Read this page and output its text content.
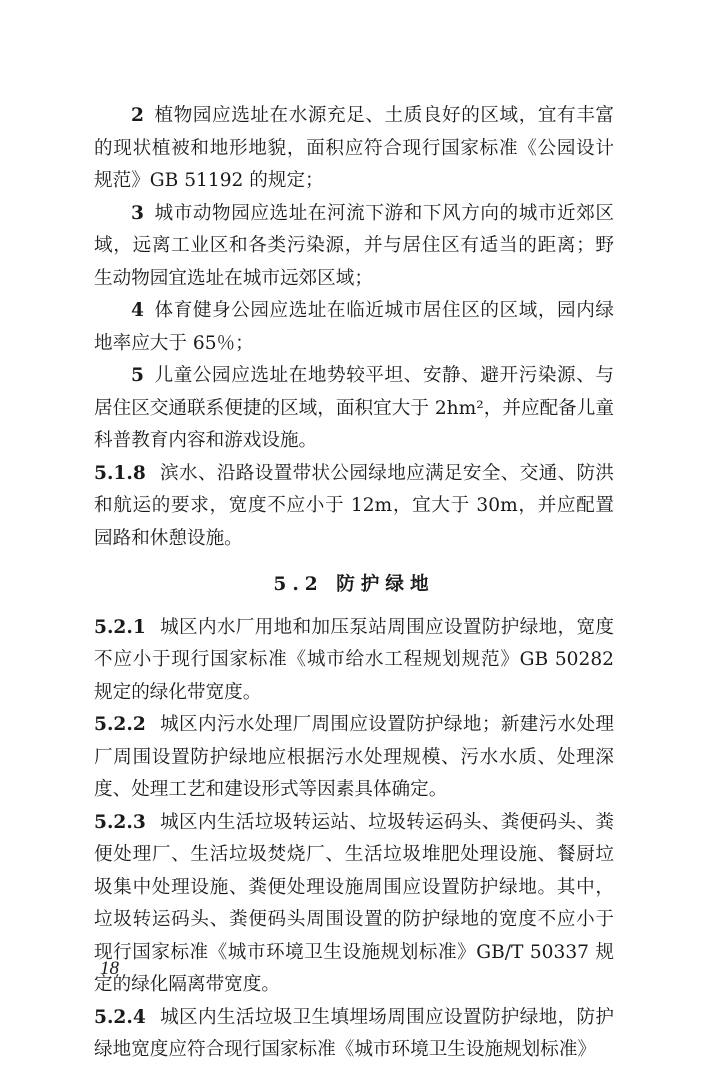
2 植物园应选址在水源充足、土质良好的区域，宜有丰富的现状植被和地形地貌，面积应符合现行国家标准《公园设计规范》GB 51192 的规定；

3 城市动物园应选址在河流下游和下风方向的城市近郊区域，远离工业区和各类污染源，并与居住区有适当的距离；野生动物园宜选址在城市远郊区域；

4 体育健身公园应选址在临近城市居住区的区域，园内绿地率应大于 65％；

5 儿童公园应选址在地势较平坦、安静、避开污染源、与居住区交通联系便捷的区域，面积宜大于 2hm²，并应配备儿童科普教育内容和游戏设施。

5.1.8 滨水、沿路设置带状公园绿地应满足安全、交通、防洪和航运的要求，宽度不应小于 12m，宜大于 30m，并应配置园路和休憩设施。

5.2 防护绿地

5.2.1 城区内水厂用地和加压泵站周围应设置防护绿地，宽度不应小于现行国家标准《城市给水工程规划规范》GB 50282 规定的绿化带宽度。

5.2.2 城区内污水处理厂周围应设置防护绿地；新建污水处理厂周围设置防护绿地应根据污水处理规模、污水水质、处理深度、处理工艺和建设形式等因素具体确定。

5.2.3 城区内生活垃圾转运站、垃圾转运码头、粪便码头、粪便处理厂、生活垃圾焚烧厂、生活垃圾堆肥处理设施、餐厨垃圾集中处理设施、粪便处理设施周围应设置防护绿地。其中，垃圾转运码头、粪便码头周围设置的防护绿地的宽度不应小于现行国家标准《城市环境卫生设施规划标准》GB/T 50337 规定的绿化隔离带宽度。

5.2.4 城区内生活垃圾卫生填埋场周围应设置防护绿地，防护绿地宽度应符合现行国家标准《城市环境卫生设施规划标准》

18
